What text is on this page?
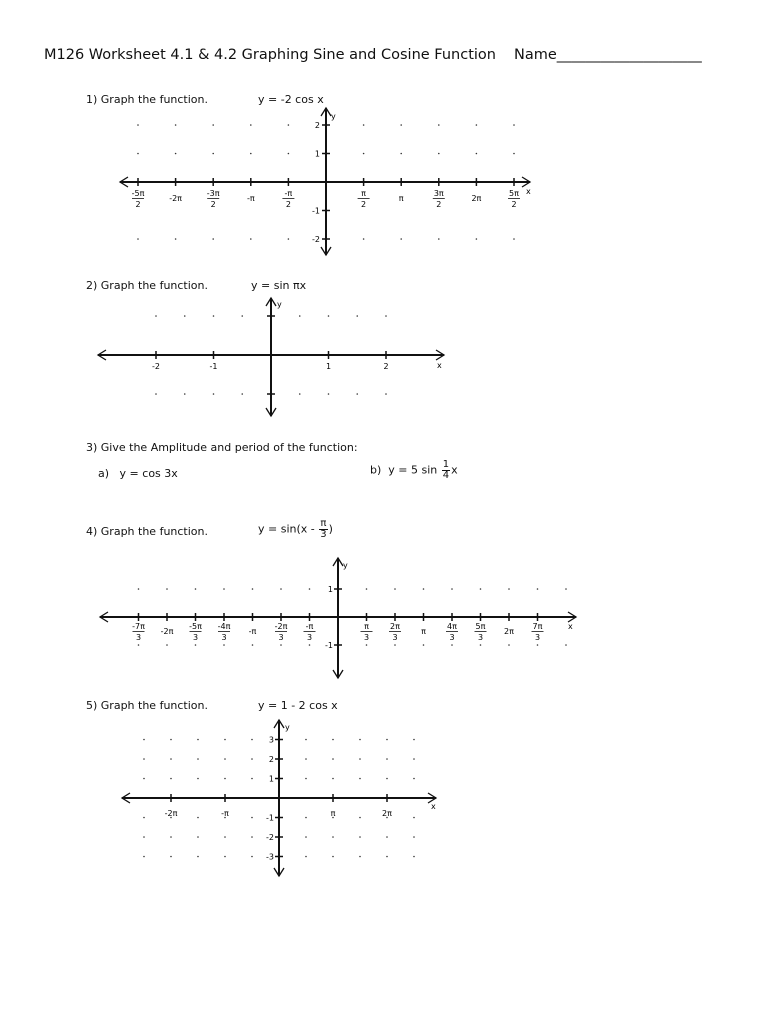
M126 Worksheet 4.1 & 4.2 Graphing Sine and Cosine Function Name____________________
1) Graph the function.	y = -2 cos x
-5π
2
-2π
-3π
2
-π
-π
2
π
2
π
3π
2
2π
5π
2
2
1
-1
-2
y
x
2) Graph the function.	y = sin πx
-2	-1	1	2
y
x
3) Give the Amplitude and period of the function:
a) y = cos 3x	b) y = 5 $\sin \frac{1}{4}$ x
4) Graph the function.	$y = \sin(x - \frac{\pi}{3}$ )
-7π
3
-2π
-5π
3
-4π
3
-π
-2π
3
-π
3
π
3
2π
3
π
4π
3
5π
3
2π
7π
3
1
-1
y
x
5) Graph the function.	y = 1 - 2 cos x
-2π	-π	π	2π
3
2
1
-1
-2
-3
y
x
